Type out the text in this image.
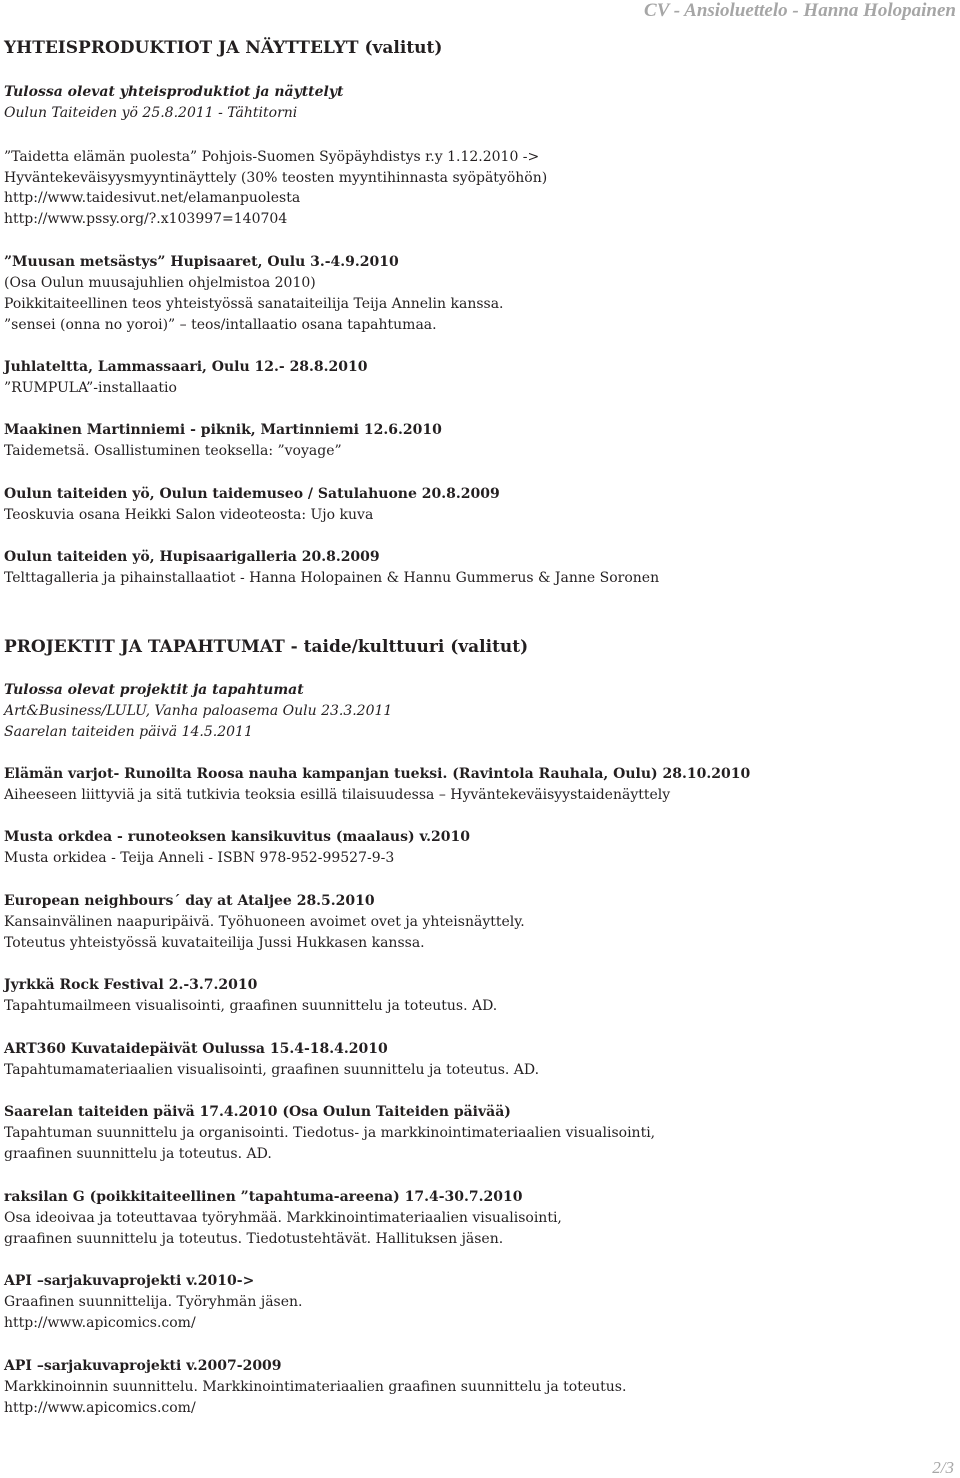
CV - Ansioluettelo - Hanna Holopainen
YHTEISPRODUKTIOT JA NÄYTTELYT (valitut)
Tulossa olevat yhteisproduktiot ja näyttelyt
Oulun Taiteiden yö 25.8.2011 - Tähtitorni
”Taidetta elämän puolesta” Pohjois-Suomen Syöpäyhdistys r.y 1.12.2010 ->
Hyväntekeväisyysmyyntinäyttely (30% teosten myyntihinnasta syöpätyöhön)
http://www.taidesivut.net/elamanpuolesta
http://www.pssy.org/?.x103997=140704
”Muusan metsästys” Hupisaaret, Oulu 3.-4.9.2010
(Osa Oulun muusajuhlien ohjelmistoa 2010)
Poikkitaiteellinen teos yhteistyössä sanataiteilija Teija Annelin kanssa.
”sensei (onna no yoroi)” – teos/intallaatio osana tapahtumaa.
Juhlateltta, Lammassaari, Oulu 12.- 28.8.2010
”RUMPULA”-installaatio
Maakinen Martinniemi - piknik, Martinniemi 12.6.2010
Taidemetsä. Osallistuminen teoksella: ”voyage”
Oulun taiteiden yö, Oulun taidemuseo / Satulahuone 20.8.2009
Teoskuvia osana Heikki Salon videoteosta: Ujo kuva
Oulun taiteiden yö, Hupisaarigalleria 20.8.2009
Telttagalleria ja pihainstallaatiot - Hanna Holopainen & Hannu Gummerus & Janne Soronen
PROJEKTIT JA TAPAHTUMAT - taide/kulttuuri (valitut)
Tulossa olevat projektit ja tapahtumat
Art&Business/LULU, Vanha paloasema Oulu 23.3.2011
Saarelan taiteiden päivä 14.5.2011
Elämän varjot- Runoilta Roosa nauha kampanjan tueksi. (Ravintola Rauhala, Oulu) 28.10.2010
Aiheeseen liittyviä ja sitä tutkivia teoksia esillä tilaisuudessa – Hyväntekeväisyystaidenäyttely
Musta orkdea - runoteoksen kansikuvitus (maalaus) v.2010
Musta orkidea - Teija Anneli - ISBN 978-952-99527-9-3
European neighbours´ day at Ataljee 28.5.2010
Kansainvälinen naapuripäivä. Työhuoneen avoimet ovet ja yhteisnäyttely.
Toteutus yhteistyössä kuvataiteilija Jussi Hukkasen kanssa.
Jyrkkä Rock Festival 2.-3.7.2010
Tapahtumailmeen visualisointi, graafinen suunnittelu ja toteutus. AD.
ART360 Kuvataidepäivät Oulussa 15.4-18.4.2010
Tapahtumamateriaalien visualisointi, graafinen suunnittelu ja toteutus. AD.
Saarelan taiteiden päivä 17.4.2010 (Osa Oulun Taiteiden päivää)
Tapahtuman suunnittelu ja organisointi. Tiedotus- ja markkinointimateriaalien visualisointi,
graafinen suunnittelu ja toteutus. AD.
raksilan G (poikkitaiteellinen ”tapahtuma-areena) 17.4-30.7.2010
Osa ideoivaa ja toteuttavaa työryhmää. Markkinointimateriaalien visualisointi,
graafinen suunnittelu ja toteutus. Tiedotustehtävät. Hallituksen jäsen.
API –sarjakuvaprojekti v.2010->
Graafinen suunnittelija. Työryhmän jäsen.
http://www.apicomics.com/
API –sarjakuvaprojekti v.2007-2009
Markkinoinnin suunnittelu. Markkinointimateriaalien graafinen suunnittelu ja toteutus.
http://www.apicomics.com/
2/3
